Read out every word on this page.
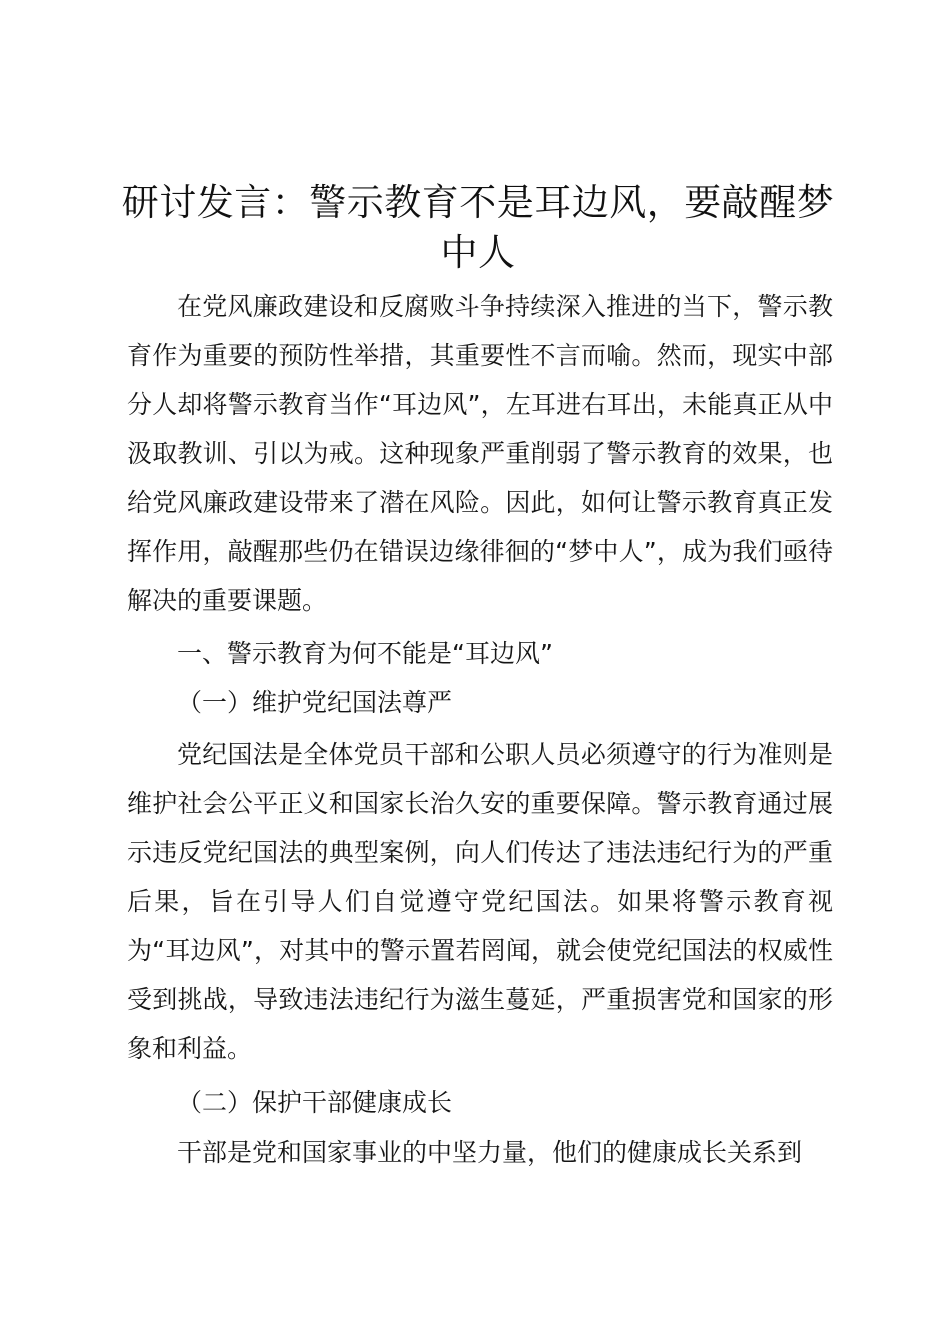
研讨发言：警示教育不是耳边风，要敲醒梦中人

在党风廉政建设和反腐败斗争持续深入推进的当下，警示教育作为重要的预防性举措，其重要性不言而喻。然而，现实中部分人却将警示教育当作“耳边风”，左耳进右耳出，未能真正从中汲取教训、引以为戒。这种现象严重削弱了警示教育的效果，也给党风廉政建设带来了潜在风险。因此，如何让警示教育真正发挥作用，敲醒那些仍在错误边缘徘徊的“梦中人”，成为我们亟待解决的重要课题。

一、警示教育为何不能是“耳边风”

（一）维护党纪国法尊严

党纪国法是全体党员干部和公职人员必须遵守的行为准则是维护社会公平正义和国家长治久安的重要保障。警示教育通过展示违反党纪国法的典型案例，向人们传达了违法违纪行为的严重后果，旨在引导人们自觉遵守党纪国法。如果将警示教育视为“耳边风”，对其中的警示置若罔闻，就会使党纪国法的权威性受到挑战，导致违法违纪行为滋生蔓延，严重损害党和国家的形象和利益。

（二）保护干部健康成长

干部是党和国家事业的中坚力量，他们的健康成长关系到
